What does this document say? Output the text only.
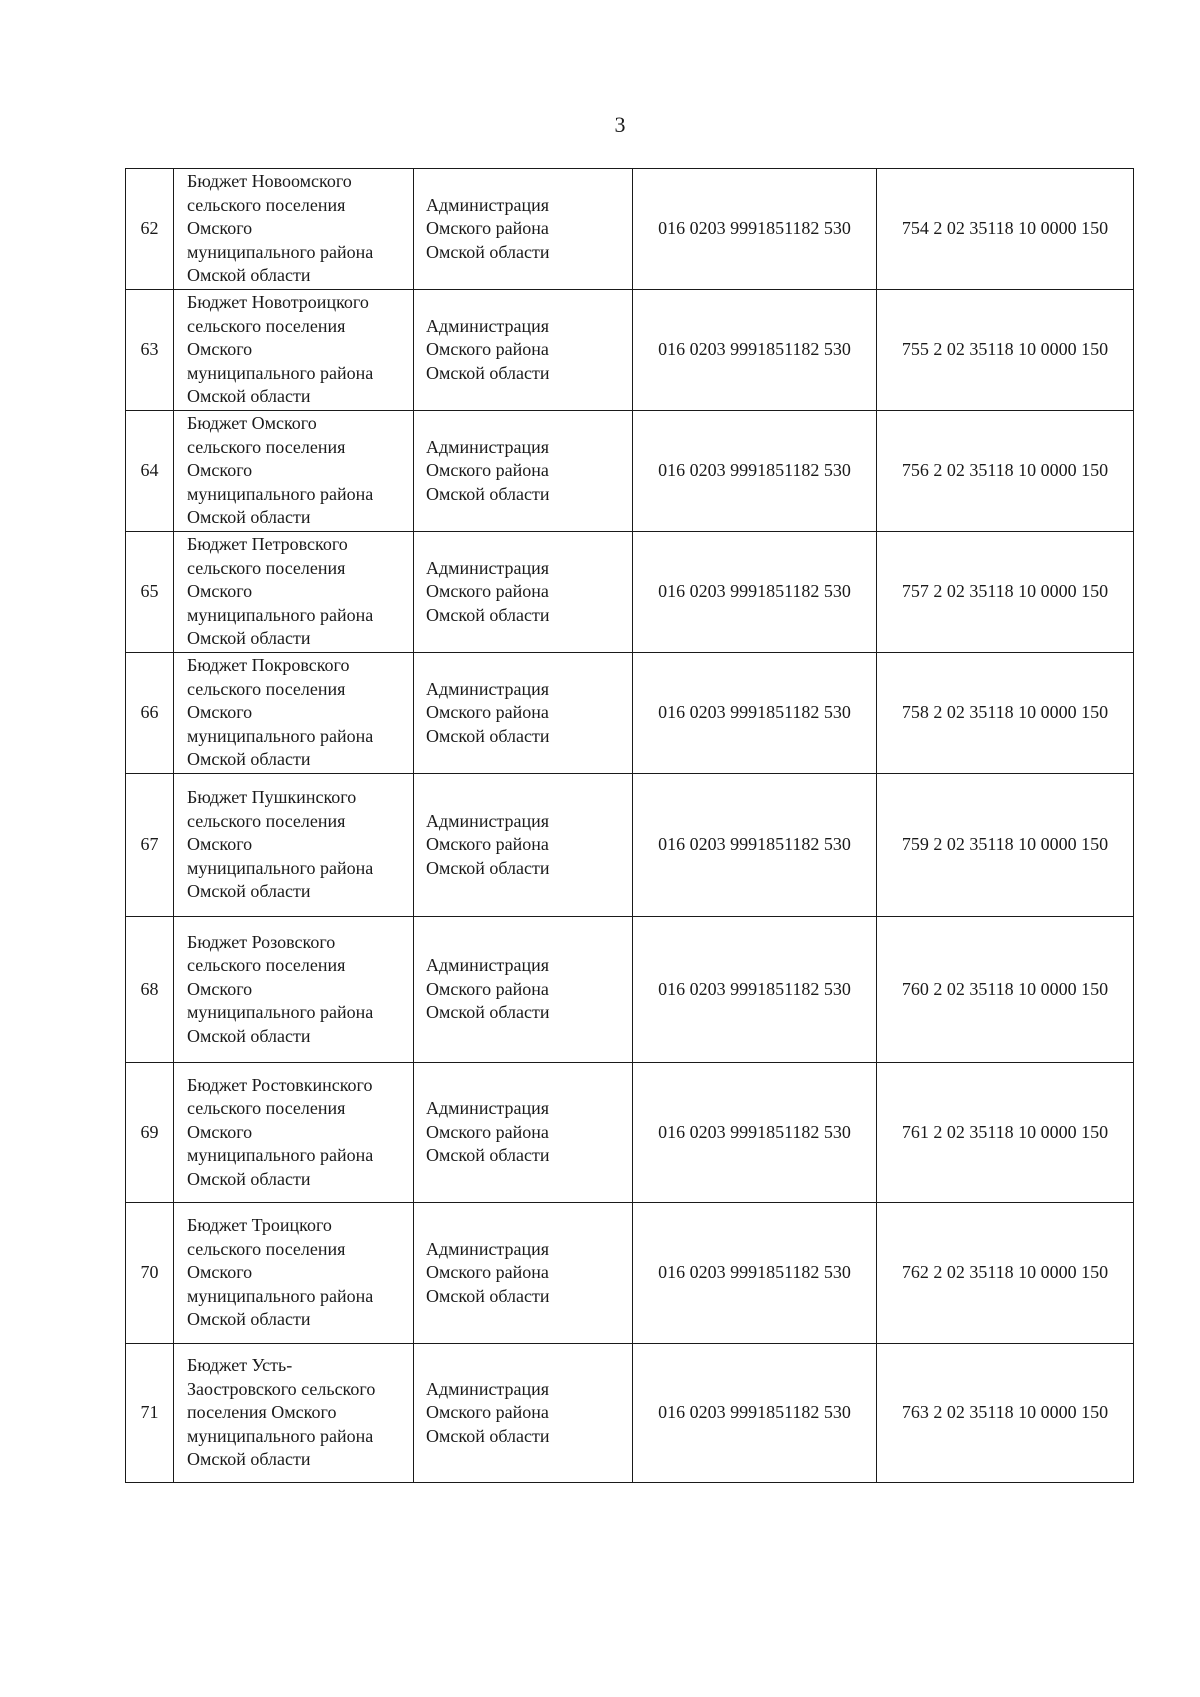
3
62	Бюджет Новоомского
сельского поселения
Омского
муниципального района
Омской области	Администрация
Омского района
Омской области	016 0203 9991851182 530	754 2 02 35118 10 0000 150
63	Бюджет Новотроицкого
сельского поселения
Омского
муниципального района
Омской области	Администрация
Омского района
Омской области	016 0203 9991851182 530	755 2 02 35118 10 0000 150
64	Бюджет Омского
сельского поселения
Омского
муниципального района
Омской области	Администрация
Омского района
Омской области	016 0203 9991851182 530	756 2 02 35118 10 0000 150
65	Бюджет Петровского
сельского поселения
Омского
муниципального района
Омской области	Администрация
Омского района
Омской области	016 0203 9991851182 530	757 2 02 35118 10 0000 150
66	Бюджет Покровского
сельского поселения
Омского
муниципального района
Омской области	Администрация
Омского района
Омской области	016 0203 9991851182 530	758 2 02 35118 10 0000 150
67	Бюджет Пушкинского
сельского поселения
Омского
муниципального района
Омской области	Администрация
Омского района
Омской области	016 0203 9991851182 530	759 2 02 35118 10 0000 150
68	Бюджет Розовского
сельского поселения
Омского
муниципального района
Омской области	Администрация
Омского района
Омской области	016 0203 9991851182 530	760 2 02 35118 10 0000 150
69	Бюджет Ростовкинского
сельского поселения
Омского
муниципального района
Омской области	Администрация
Омского района
Омской области	016 0203 9991851182 530	761 2 02 35118 10 0000 150
70	Бюджет Троицкого
сельского поселения
Омского
муниципального района
Омской области	Администрация
Омского района
Омской области	016 0203 9991851182 530	762 2 02 35118 10 0000 150
71	Бюджет Усть-
Заостровского сельского
поселения Омского
муниципального района
Омской области	Администрация
Омского района
Омской области	016 0203 9991851182 530	763 2 02 35118 10 0000 150
